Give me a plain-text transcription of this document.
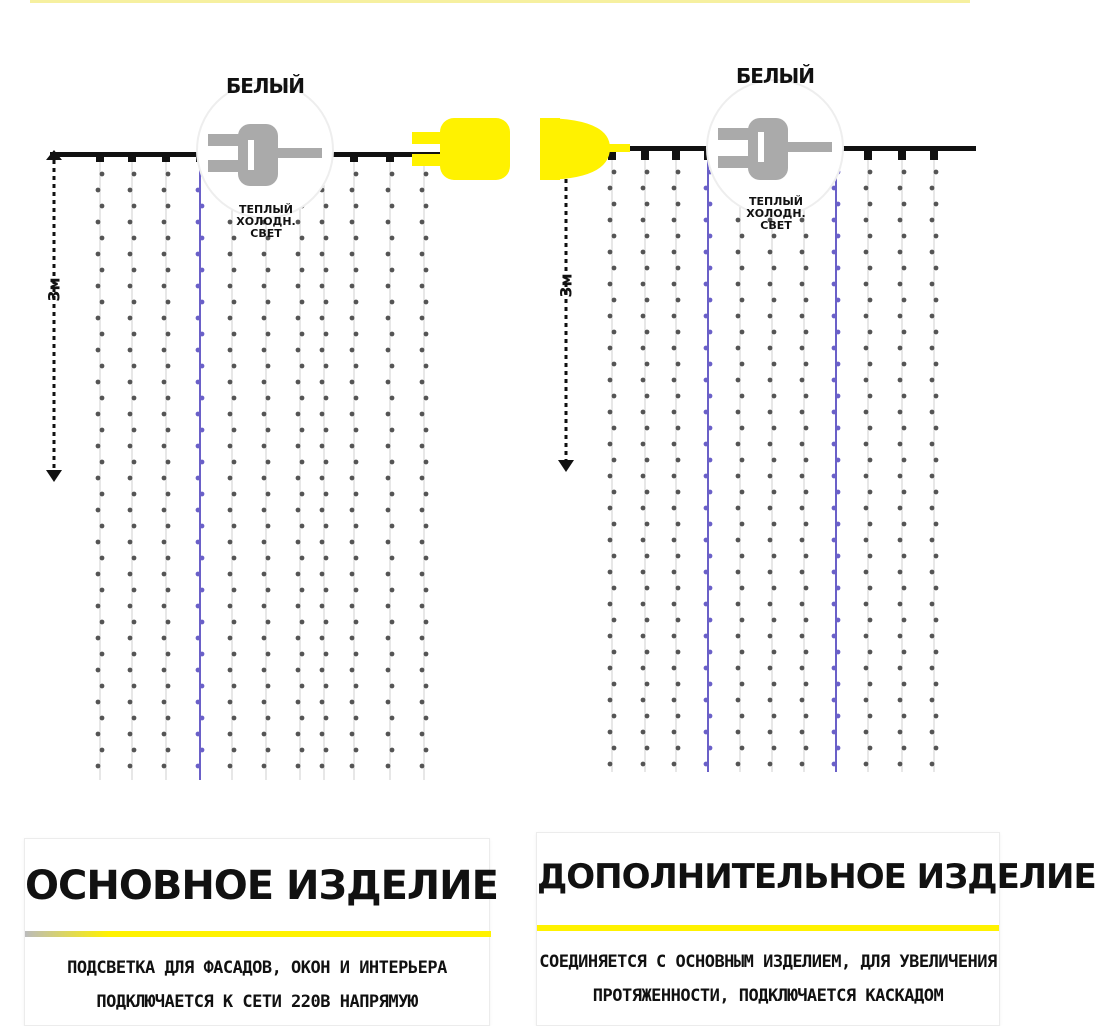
БЕЛЫЙ
ТЕПЛЫЙ ХОЛОДН. СВЕТ
БЕЛЫЙ
ТЕПЛЫЙ ХОЛОДН. СВЕТ
3м	3м
ОСНОВНОЕ ИЗДЕЛИЕ
ПОДСВЕТКА ДЛЯ ФАСАДОВ, ОКОН И ИНТЕРЬЕРА
ПОДКЛЮЧАЕТСЯ К СЕТИ 220В НАПРЯМУЮ
ДОПОЛНИТЕЛЬНОЕ ИЗДЕЛИЕ
СОЕДИНЯЕТСЯ С ОСНОВНЫМ ИЗДЕЛИЕМ, ДЛЯ УВЕЛИЧЕНИЯ
ПРОТЯЖЕННОСТИ, ПОДКЛЮЧАЕТСЯ КАСКАДОМ
